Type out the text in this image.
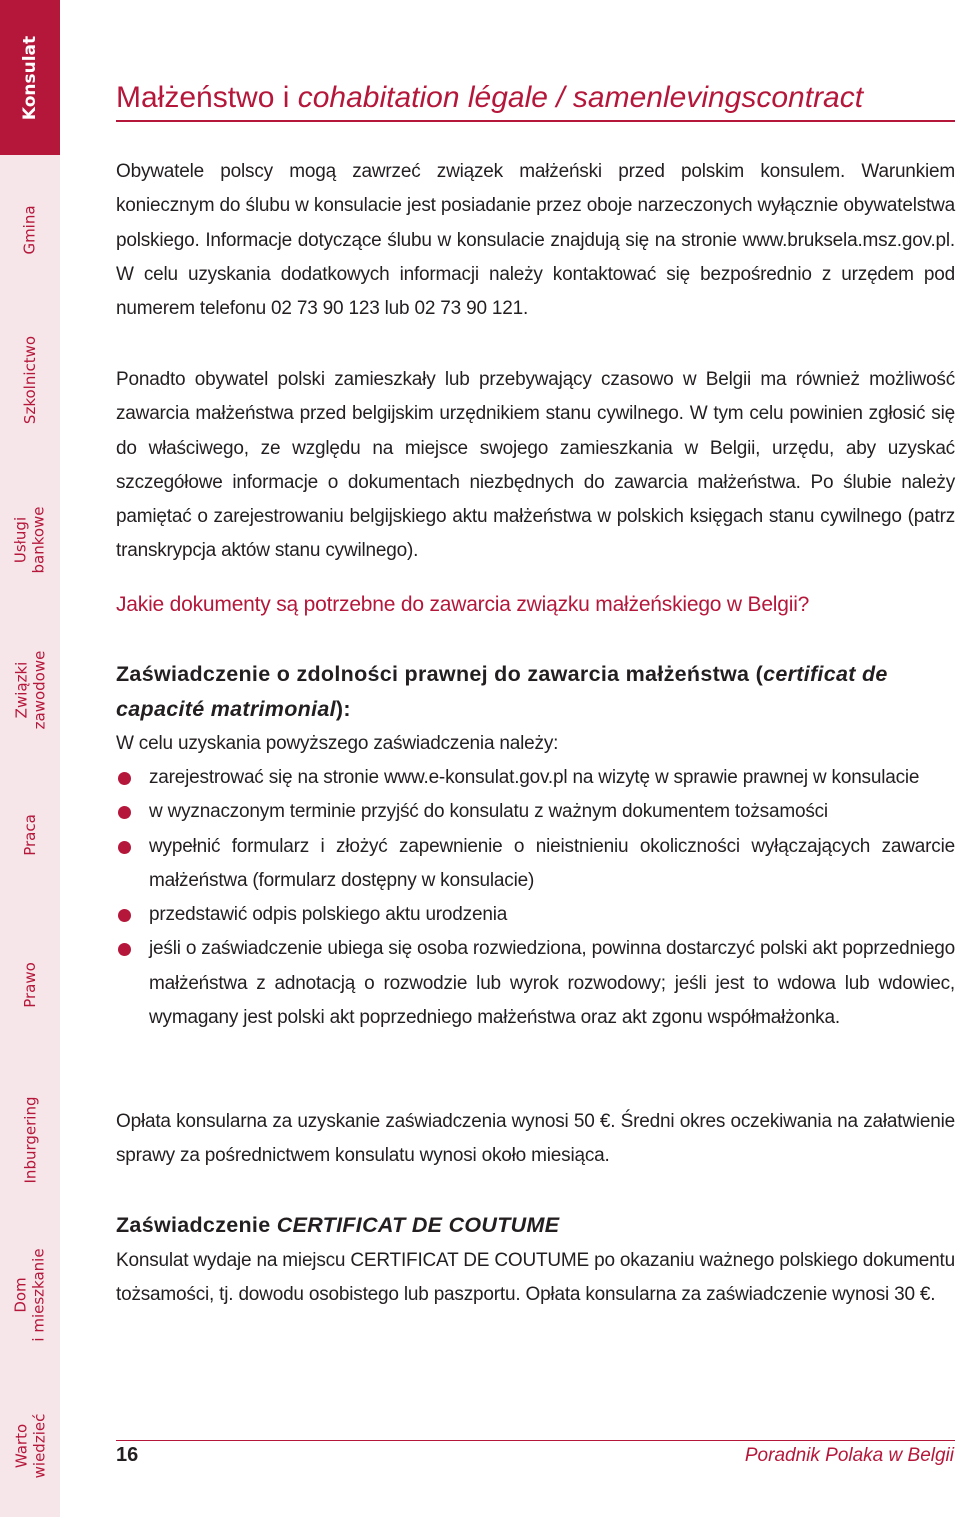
Konsulat
Gmina
Szkolnictwo
Usługi bankowe
Związki zawodowe
Praca
Prawo
Inburgering
Dom i mieszkanie
Warto wiedzieć
Małżeństwo i cohabitation légale / samenlevingscontract

Obywatele polscy mogą zawrzeć związek małżeński przed polskim konsulem. Warunkiem koniecznym do ślubu w konsulacie jest posiadanie przez oboje narzeczonych wyłącznie obywatelstwa polskiego. Informacje dotyczące ślubu w konsulacie znajdują się na stronie www.bruksela.msz.gov.pl. W celu uzyskania dodatkowych informacji należy kontaktować się bezpośrednio z urzędem pod numerem telefonu 02 73 90 123 lub 02 73 90 121.

Ponadto obywatel polski zamieszkały lub przebywający czasowo w Belgii ma również możliwość zawarcia małżeństwa przed belgijskim urzędnikiem stanu cywilnego. W tym celu powinien zgłosić się do właściwego, ze względu na miejsce swojego zamieszkania w Belgii, urzędu, aby uzyskać szczegółowe informacje o dokumentach niezbędnych do zawarcia małżeństwa. Po ślubie należy pamiętać o zarejestrowaniu belgijskiego aktu małżeństwa w polskich księgach stanu cywilnego (patrz transkrypcja aktów stanu cywilnego).

Jakie dokumenty są potrzebne do zawarcia związku małżeńskiego w Belgii?

Zaświadczenie o zdolności prawnej do zawarcia małżeństwa (certificat de capacité matrimonial):

W celu uzyskania powyższego zaświadczenia należy:

zarejestrować się na stronie www.e-konsulat.gov.pl na wizytę w sprawie prawnej w konsulacie
w wyznaczonym terminie przyjść do konsulatu z ważnym dokumentem tożsamości
wypełnić formularz i złożyć zapewnienie o nieistnieniu okoliczności wyłączających zawarcie małżeństwa (formularz dostępny w konsulacie)
przedstawić odpis polskiego aktu urodzenia
jeśli o zaświadczenie ubiega się osoba rozwiedziona, powinna dostarczyć polski akt poprzedniego małżeństwa z adnotacją o rozwodzie lub wyrok rozwodowy; jeśli jest to wdowa lub wdowiec, wymagany jest polski akt poprzedniego małżeństwa oraz akt zgonu współmałżonka.

Opłata konsularna za uzyskanie zaświadczenia wynosi 50 €. Średni okres oczekiwania na załatwienie sprawy za pośrednictwem konsulatu wynosi około miesiąca.

Zaświadczenie CERTIFICAT DE COUTUME

Konsulat wydaje na miejscu CERTIFICAT DE COUTUME po okazaniu ważnego polskiego dokumentu tożsamości, tj. dowodu osobistego lub paszportu. Opłata konsularna za zaświadczenie wynosi 30 €.

16	Poradnik Polaka w Belgii
